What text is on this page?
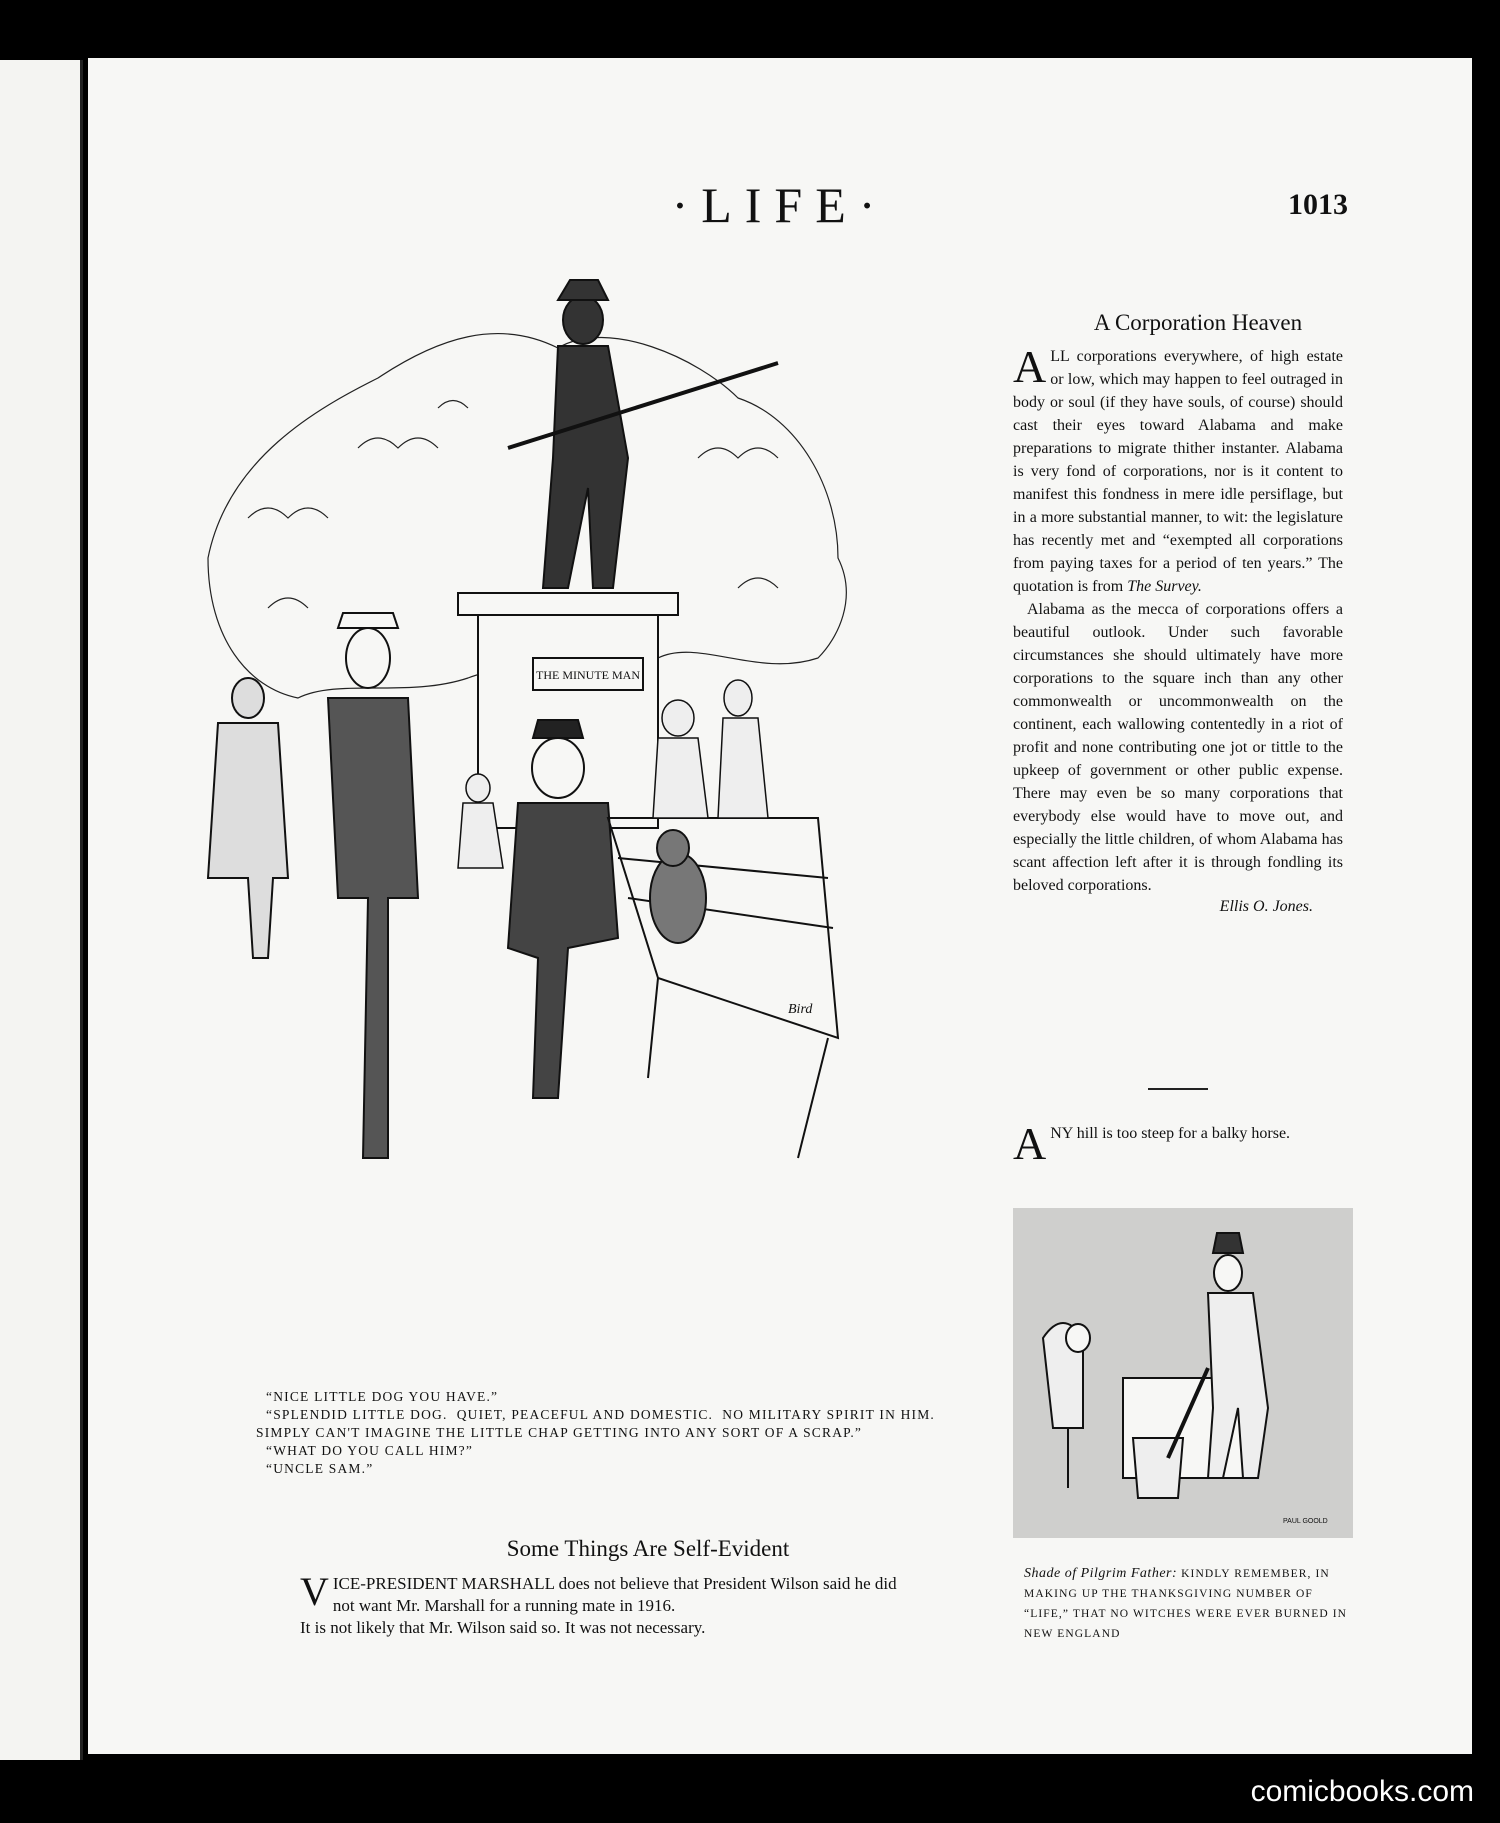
·LIFE·	1013
THE MINUTE MAN
Bird
“NICE LITTLE DOG YOU HAVE.”
“SPLENDID LITTLE DOG.  QUIET, PEACEFUL AND DOMESTIC.  NO MILITARY SPIRIT IN HIM.  SIMPLY CAN'T IMAGINE THE LITTLE CHAP GETTING INTO ANY SORT OF A SCRAP.”
“WHAT DO YOU CALL HIM?”
“UNCLE SAM.”
A Corporation Heaven

ALL corporations everywhere, of high estate or low, which may happen to feel outraged in body or soul (if they have souls, of course) should cast their eyes toward Alabama and make preparations to migrate thither instanter. Alabama is very fond of corporations, nor is it content to manifest this fondness in mere idle persiflage, but in a more substantial manner, to wit: the legislature has recently met and “exempted all corporations from paying taxes for a period of ten years.” The quotation is from The Survey.

Alabama as the mecca of corporations offers a beautiful outlook. Under such favorable circumstances she should ultimately have more corporations to the square inch than any other commonwealth or uncommonwealth on the continent, each wallowing contentedly in a riot of profit and none contributing one jot or tittle to the upkeep of government or other public expense. There may even be so many corporations that everybody else would have to move out, and especially the little children, of whom Alabama has scant affection left after it is through fondling its beloved corporations.

Ellis O. Jones.
ANY hill is too steep for a balky horse.
PAUL GOOLD
Shade of Pilgrim Father: KINDLY REMEMBER, IN MAKING UP THE THANKSGIVING NUMBER OF “LIFE,” THAT NO WITCHES WERE EVER BURNED IN NEW ENGLAND
Some Things Are Self-Evident
VICE-PRESIDENT MARSHALL does not believe that President Wilson said he did not want Mr. Marshall for a running mate in 1916.
It is not likely that Mr. Wilson said so. It was not necessary.
comicbooks.com
